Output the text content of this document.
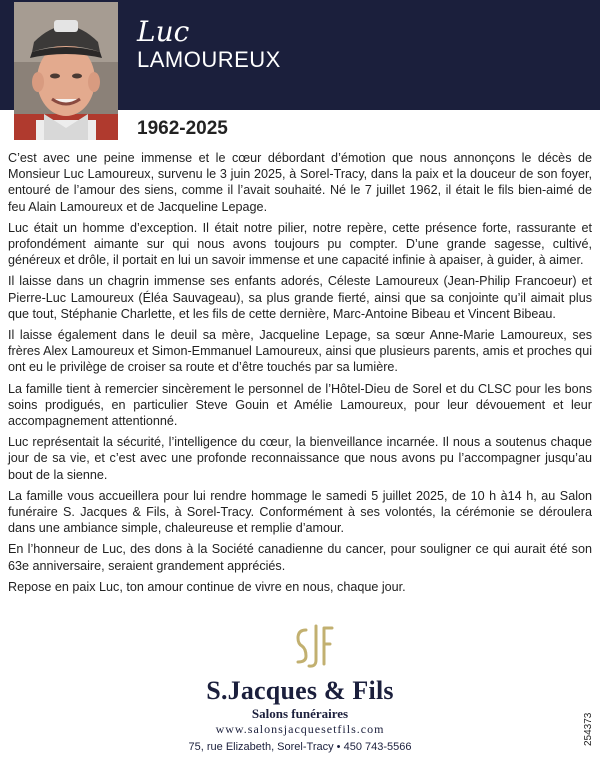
Luc
LAMOUREUX
1962-2025

C’est avec une peine immense et le cœur débordant d’émotion que nous annonçons le décès de Monsieur Luc Lamoureux, survenu le 3 juin 2025, à Sorel-Tracy, dans la paix et la douceur de son foyer, entouré de l’amour des siens, comme il l’avait souhaité. Né le 7 juillet 1962, il était le fils bien-aimé de feu Alain Lamoureux et de Jacqueline Lepage.

Luc était un homme d’exception. Il était notre pilier, notre repère, cette présence forte, rassurante et profondément aimante sur qui nous avons toujours pu compter. D’une grande sagesse, cultivé, généreux et drôle, il portait en lui un savoir immense et une capacité infinie à apaiser, à guider, à aimer.

Il laisse dans un chagrin immense ses enfants adorés, Céleste Lamoureux (Jean-Philip Francoeur) et Pierre-Luc Lamoureux (Éléa Sauvageau), sa plus grande fierté, ainsi que sa conjointe qu’il aimait plus que tout, Stéphanie Charlette, et les fils de cette dernière, Marc-Antoine Bibeau et Vincent Bibeau.

Il laisse également dans le deuil sa mère, Jacqueline Lepage, sa sœur Anne-Marie Lamoureux, ses frères Alex Lamoureux et Simon-Emmanuel Lamoureux, ainsi que plusieurs parents, amis et proches qui ont eu le privilège de croiser sa route et d’être touchés par sa lumière.

La famille tient à remercier sincèrement le personnel de l’Hôtel-Dieu de Sorel et du CLSC pour les bons soins prodigués, en particulier Steve Gouin et Amélie Lamoureux, pour leur dévouement et leur accompagnement attentionné.

Luc représentait la sécurité, l’intelligence du cœur, la bienveillance incarnée. Il nous a soutenus chaque jour de sa vie, et c’est avec une profonde reconnaissance que nous avons pu l’accompagner jusqu’au bout de la sienne.

La famille vous accueillera pour lui rendre hommage le samedi 5 juillet 2025, de 10 h à14 h, au Salon funéraire S. Jacques & Fils, à Sorel-Tracy. Conformément à ses volontés, la cérémonie se déroulera dans une ambiance simple, chaleureuse et remplie d’amour.

En l’honneur de Luc, des dons à la Société canadienne du cancer, pour souligner ce qui aurait été son 63e anniversaire, seraient grandement appréciés.

Repose en paix Luc, ton amour continue de vivre en nous, chaque jour.

S.Jacques & Fils
Salons funéraires
www.salonsjacquesetfils.com
75, rue Elizabeth, Sorel-Tracy • 450 743-5566
254373
